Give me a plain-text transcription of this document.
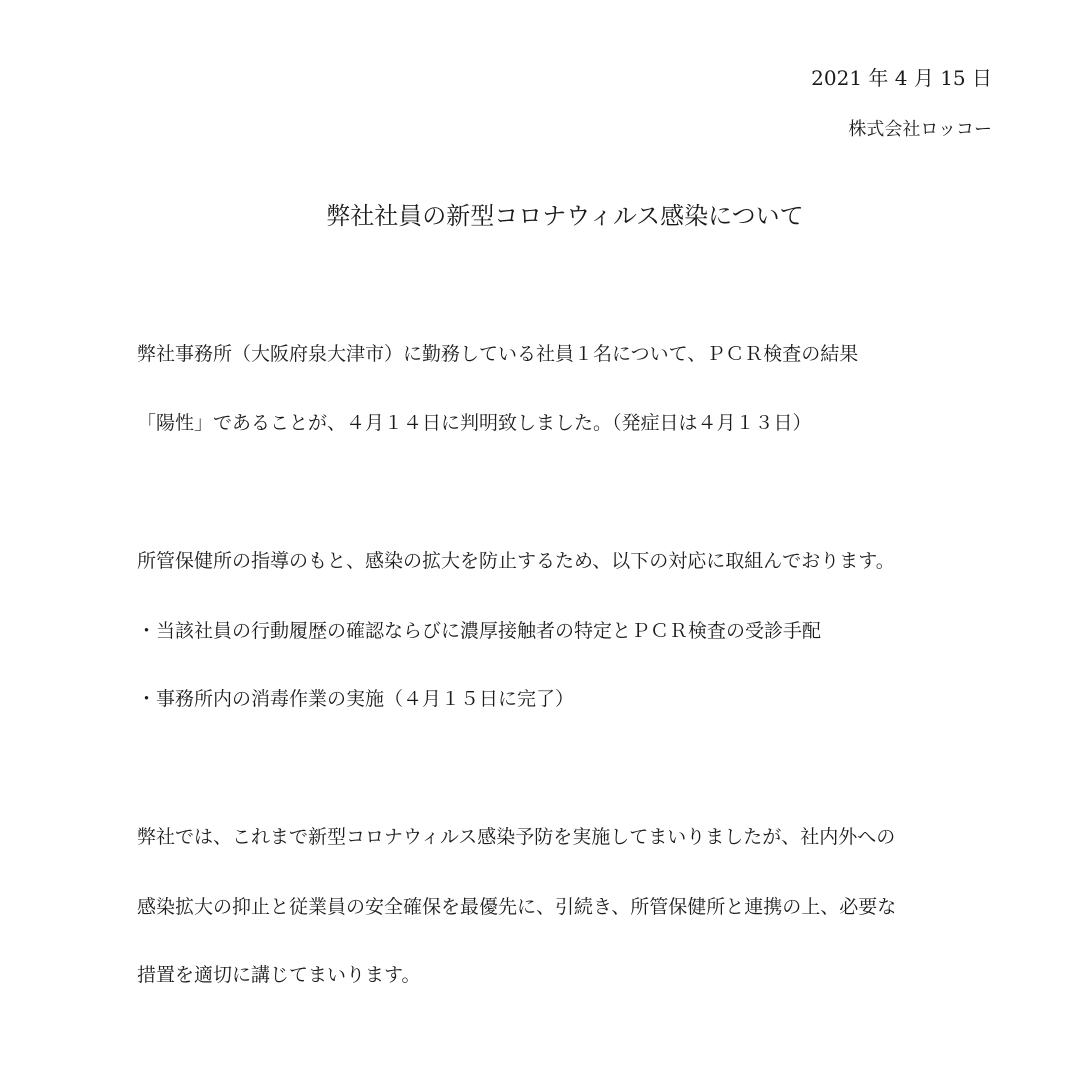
2021 年 4 月 15 日
株式会社ロッコー
弊社社員の新型コロナウィルス感染について
弊社事務所（大阪府泉大津市）に勤務している社員１名について、ＰＣＲ検査の結果
「陽性」であることが、４月１４日に判明致しました。（発症日は４月１３日）
所管保健所の指導のもと、感染の拡大を防止するため、以下の対応に取組んでおります。
・当該社員の行動履歴の確認ならびに濃厚接触者の特定とＰＣＲ検査の受診手配
・事務所内の消毒作業の実施（４月１５日に完了）
弊社では、これまで新型コロナウィルス感染予防を実施してまいりましたが、社内外への
感染拡大の抑止と従業員の安全確保を最優先に、引続き、所管保健所と連携の上、必要な
措置を適切に講じてまいります。
